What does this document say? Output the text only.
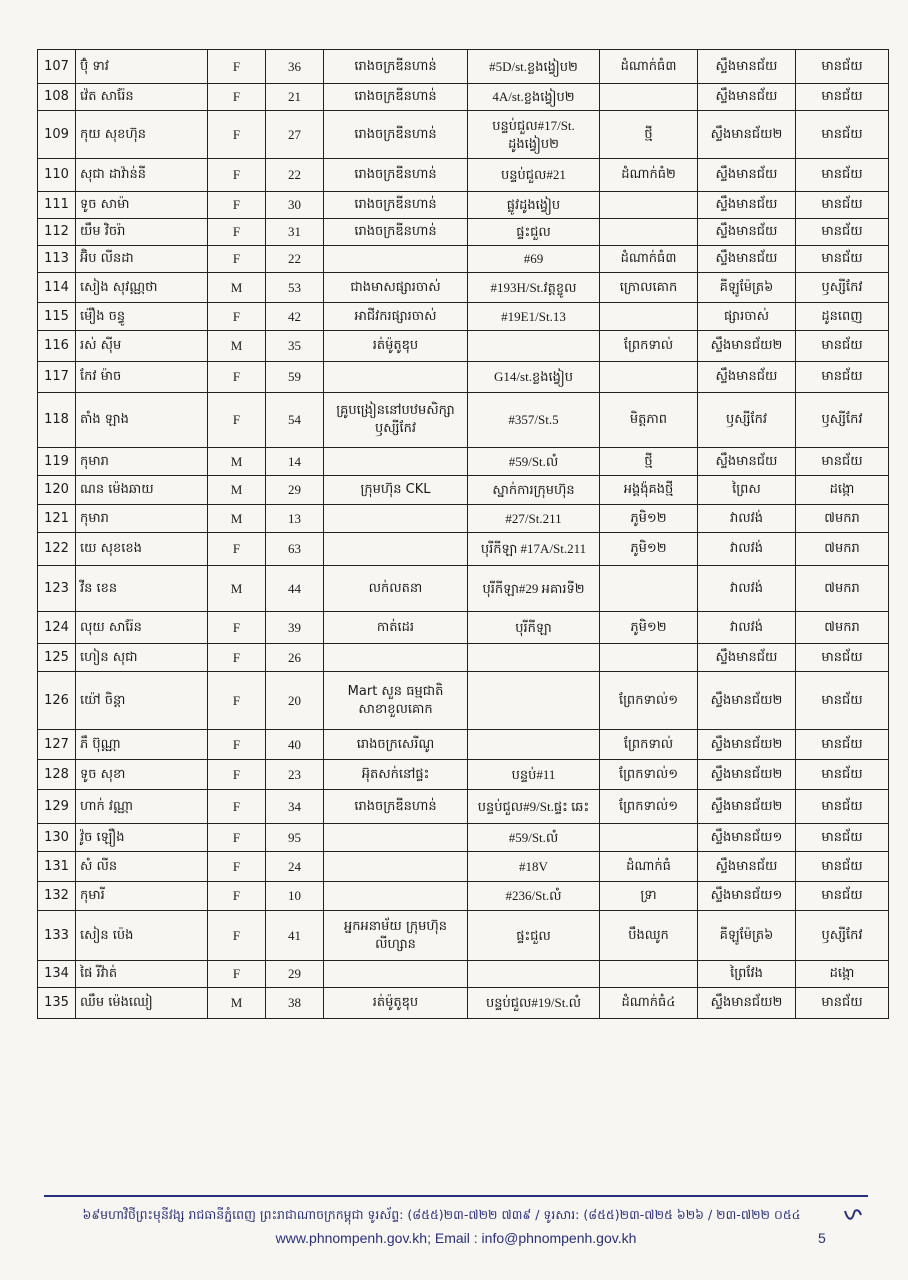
107	ប៊ុំ ទាវ	F	36	រោងចក្រឌីនហាន់	#5D/st.ខ្លងង្វៀប២	ដំណាក់ធំ៣	ស្ទឹងមានជ័យ	មានជ័យ
108	វ៉េត សារ៉ែន	F	21	រោងចក្រឌីនហាន់	4A/st.ខ្លងង្វៀប២		ស្ទឹងមានជ័យ	មានជ័យ
109	កុយ សុខហ៊ុន	F	27	រោងចក្រឌីនហាន់	បន្ទប់ជួល#17/St. ដូងង្វៀប២	ថ្មី	ស្ទឹងមានជ័យ២	មានជ័យ
110	សុជា ដាវ៉ាន់នី	F	22	រោងចក្រឌីនហាន់	បន្ទប់ជួល#21	ដំណាក់ធំ២	ស្ទឹងមានជ័យ	មានជ័យ
111	ទូច សាម៉ា	F	30	រោងចក្រឌីនហាន់	ផ្លូវដូងង្វៀប		ស្ទឹងមានជ័យ	មានជ័យ
112	យឹម វិចរ៉ា	F	31	រោងចក្រឌីនហាន់	ផ្ទះជួល		ស្ទឹងមានជ័យ	មានជ័យ
113	អ៊ិប លីនដា	F	22		#69	ដំណាក់ធំ៣	ស្ទឹងមានជ័យ	មានជ័យ
114	សៀង សុវណ្ណថា	M	53	ជាងមាសផ្សារចាស់	#193H/St.វត្តខ្ចូល	ក្រោលគោក	គីឡូម៉ែត្រ៦	ឫស្សីកែវ
115	ម៉ឿង ចន្ធូ	F	42	អាជីវករផ្សារចាស់	#19E1/St.13		ផ្សារចាស់	ដូនពេញ
116	រស់ ស៊ីម	M	35	រត់ម៉ូតូឌុប		ព្រែកទាល់	ស្ទឹងមានជ័យ២	មានជ័យ
117	កែវ ម៉ាច	F	59		G14/st.ខ្លងង្វៀប		ស្ទឹងមានជ័យ	មានជ័យ
118	តាំង ឡាង	F	54	គ្រូបង្រៀននៅបឋមសិក្សាឫស្សីកែវ	#357/St.5	មិត្តភាព	ឫស្សីកែវ	ឫស្សីកែវ
119	កុមារា	M	14		#59/St.លំ	ថ្មី	ស្ទឹងមានជ័យ	មានជ័យ
120	ណន ម៉េងឆាយ	M	29	ក្រុមហ៊ុន CKL	ស្នាក់ការក្រុមហ៊ុន	អង្គង៉ុគងថ្មី	ព្រៃស	ដង្កោ
121	កុមារា	M	13		#27/St.211	ភូមិ១២	វាលវង់	៧មករា
122	យេ សុខខេង	F	63		បុរីកីឡា #17A/St.211	ភូមិ១២	វាលវង់	៧មករា
123	វីន ខេន	M	44	លក់លតនា	បុរីកីឡា#29 អគារទី២		វាលវង់	៧មករា
124	លុយ សារ៉ែន	F	39	កាត់ដេរ	បុរីកីឡា	ភូមិ១២	វាលវង់	៧មករា
125	ហៀន សុជា	F	26				ស្ទឹងមានជ័យ	មានជ័យ
126	យ៉ៅ ចិន្តា	F	20	Mart សួន ធម្មជាតិ សាខាខួលគោក		ព្រែកទាល់១	ស្ទឹងមានជ័យ២	មានជ័យ
127	ភឹ ប៊ុណ្ណា	F	40	រោងចក្រសេរីណូ		ព្រែកទាល់	ស្ទឹងមានជ័យ២	មានជ័យ
128	ទូច សុខា	F	23	អ៊ុតសក់នៅផ្ទះ	បន្ទប់#11	ព្រែកទាល់១	ស្ទឹងមានជ័យ២	មានជ័យ
129	ហាក់ វណ្ណា	F	34	រោងចក្រឌីនហាន់	បន្ទប់ជួល#9/St.ផ្ទះ ឆេះ	ព្រែកទាល់១	ស្ទឹងមានជ័យ២	មានជ័យ
130	វ៉ូច ឡឿង	F	95		#59/St.លំ		ស្ទឹងមានជ័យ១	មានជ័យ
131	សំ លីន	F	24		#18V	ដំណាក់ធំ	ស្ទឹងមានជ័យ	មានជ័យ
132	កុមារី	F	10		#236/St.លំ	ទ្រា	ស្ទឹងមានជ័យ១	មានជ័យ
133	សៀន ប៉េង	F	41	អ្នកអនាម័យ ក្រុមហ៊ុន លីហ្សាន	ផ្ទះជួល	បឹងឈូក	គីឡូម៉ែត្រ៦	ឫស្សីកែវ
134	ផៃ រីវ៉ាត់	F	29				ព្រៃវែង	ដង្កោ
135	ឈឹម ម៉េងឈៀ	M	38	រត់ម៉ូតូឌុប	បន្ទប់ជួល#19/St.លំ	ដំណាក់ធំ៤	ស្ទឹងមានជ័យ២	មានជ័យ
៦៩មហាវិថីព្រះមុនីវង្ស រាជធានីភ្នំពេញ ព្រះរាជាណាចក្រកម្ពុជា ទូរស័ព្ទ: (៨៥៥)២៣-៧២២ ៧៣៩ / ទូរសារ: (៨៥៥)២៣-៧២៥ ៦២៦ / ២៣-៧២២ ០៥៤
www.phnompenh.gov.kh; Email : info@phnompenh.gov.kh	5
